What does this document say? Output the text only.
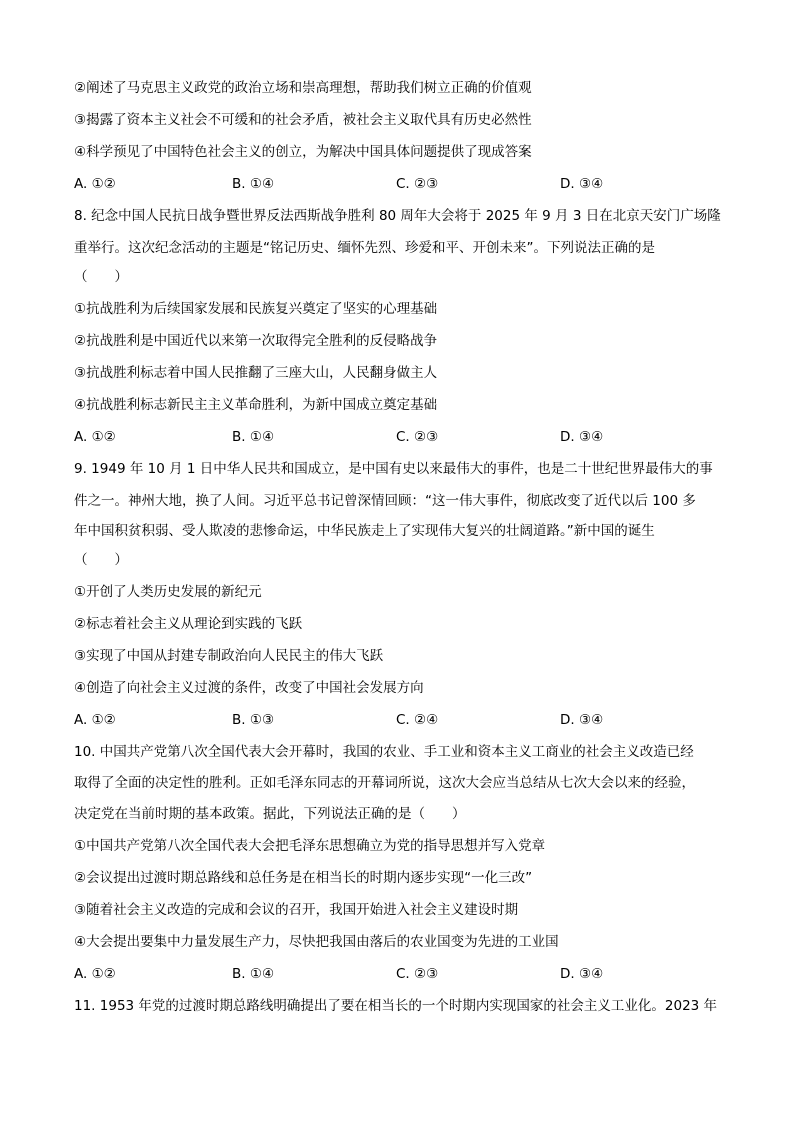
②阐述了马克思主义政党的政治立场和崇高理想，帮助我们树立正确的价值观
③揭露了资本主义社会不可缓和的社会矛盾，被社会主义取代具有历史必然性
④科学预见了中国特色社会主义的创立，为解决中国具体问题提供了现成答案
A. ①②	B. ①④	C. ②③	D. ③④
8. 纪念中国人民抗日战争暨世界反法西斯战争胜利 80 周年大会将于 2025 年 9 月 3 日在北京天安门广场隆
重举行。这次纪念活动的主题是“铭记历史、缅怀先烈、珍爱和平、开创未来”。下列说法正确的是
（　　）
①抗战胜利为后续国家发展和民族复兴奠定了坚实的心理基础
②抗战胜利是中国近代以来第一次取得完全胜利的反侵略战争
③抗战胜利标志着中国人民推翻了三座大山，人民翻身做主人
④抗战胜利标志新民主主义革命胜利，为新中国成立奠定基础
A. ①②	B. ①④	C. ②③	D. ③④
9. 1949 年 10 月 1 日中华人民共和国成立，是中国有史以来最伟大的事件，也是二十世纪世界最伟大的事
件之一。神州大地，换了人间。习近平总书记曾深情回顾：“这一伟大事件，彻底改变了近代以后 100 多
年中国积贫积弱、受人欺凌的悲惨命运，中华民族走上了实现伟大复兴的壮阔道路。”新中国的诞生
（　　）
①开创了人类历史发展的新纪元
②标志着社会主义从理论到实践的飞跃
③实现了中国从封建专制政治向人民民主的伟大飞跃
④创造了向社会主义过渡的条件，改变了中国社会发展方向
A. ①②	B. ①③	C. ②④	D. ③④
10. 中国共产党第八次全国代表大会开幕时，我国的农业、手工业和资本主义工商业的社会主义改造已经
取得了全面的决定性的胜利。正如毛泽东同志的开幕词所说，这次大会应当总结从七次大会以来的经验，
决定党在当前时期的基本政策。据此，下列说法正确的是（　　）
①中国共产党第八次全国代表大会把毛泽东思想确立为党的指导思想并写入党章
②会议提出过渡时期总路线和总任务是在相当长的时期内逐步实现“一化三改”
③随着社会主义改造的完成和会议的召开，我国开始进入社会主义建设时期
④大会提出要集中力量发展生产力，尽快把我国由落后的农业国变为先进的工业国
A. ①②	B. ①④	C. ②③	D. ③④
11. 1953 年党的过渡时期总路线明确提出了要在相当长的一个时期内实现国家的社会主义工业化。2023 年
